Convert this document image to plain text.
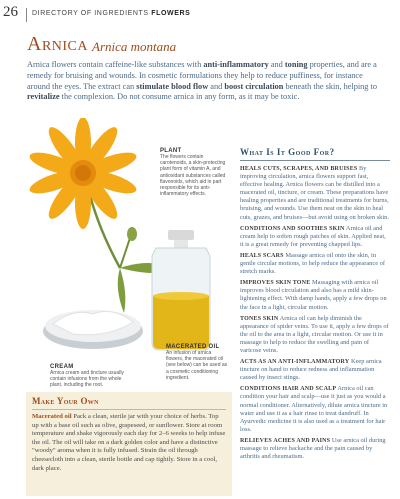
26 DIRECTORY OF INGREDIENTS FLOWERS
Arnica Arnica montana
Arnica flowers contain caffeine-like substances with anti-inflammatory and toning properties, and are a remedy for bruising and wounds. In cosmetic formulations they help to reduce puffiness, for instance around the eyes. The extract can stimulate blood flow and boost circulation beneath the skin, helping to revitalize the complexion. Do not consume arnica in any form, as it may be toxic.
PLANT
The flowers contain carotenoids, a skin-protecting plant form of vitamin A, and antioxidant substances called flavonoids, which aid in part responsible for its anti-inflammatory effects.
CREAM
Arnica cream and tincture usually contain infusions from the whole plant, including the root.
MACERATED OIL
An infusion of arnica flowers, the macerated oil (see below) can be used as a cosmetic conditioning ingredient.
What Is It Good For?

HEALS CUTS, SCRAPES, AND BRUISES By improving circulation, arnica flowers support fast, effective healing. Arnica flowers can be distilled into a macerated oil, tincture, or cream. These preparations have healing properties and are traditional treatments for burns, bruising, and wounds. Use them neat on the skin to heal cuts, grazes, and bruises—but avoid using on broken skin.

CONDITIONS AND SOOTHES SKIN Arnica oil and cream help to soften rough patches of skin. Applied neat, it is a great remedy for preventing chapped lips.

HEALS SCARS Massage arnica oil onto the skin, in gentle circular motions, to help reduce the appearance of stretch marks.

IMPROVES SKIN TONE Massaging with arnica oil improves blood circulation and also has a mild skin-lightening effect. With damp hands, apply a few drops on the face in a light, circular motion.

TONES SKIN Arnica oil can help diminish the appearance of spider veins. To use it, apply a few drops of the oil to the area in a light, circular motion. Or use it in massage to help to reduce the swelling and pain of varicose veins.

ACTS AS AN ANTI-INFLAMMATORY Keep arnica tincture on hand to reduce redness and inflammation caused by insect stings.

CONDITIONS HAIR AND SCALP Arnica oil can condition your hair and scalp—use it just as you would a normal conditioner. Alternatively, dilute arnica tincture in water and use it as a hair rinse to treat dandruff. In Ayurvedic medicine it is also used as a treatment for hair loss.

RELIEVES ACHES AND PAINS Use arnica oil during massage to relieve backache and the pain caused by arthritis and rheumatism.

Make Your Own
Macerated oil Pack a clean, sterile jar with your choice of herbs. Top up with a base oil such as olive, grapeseed, or sunflower. Store at room temperature and shake vigorously each day for 2–6 weeks to help infuse the oil. The oil will take on a dark golden color and have a distinctive "woody" aroma when it is fully infused. Strain the oil through cheesecloth into a clean, sterile bottle and cap tightly. Store in a cool, dark place.
